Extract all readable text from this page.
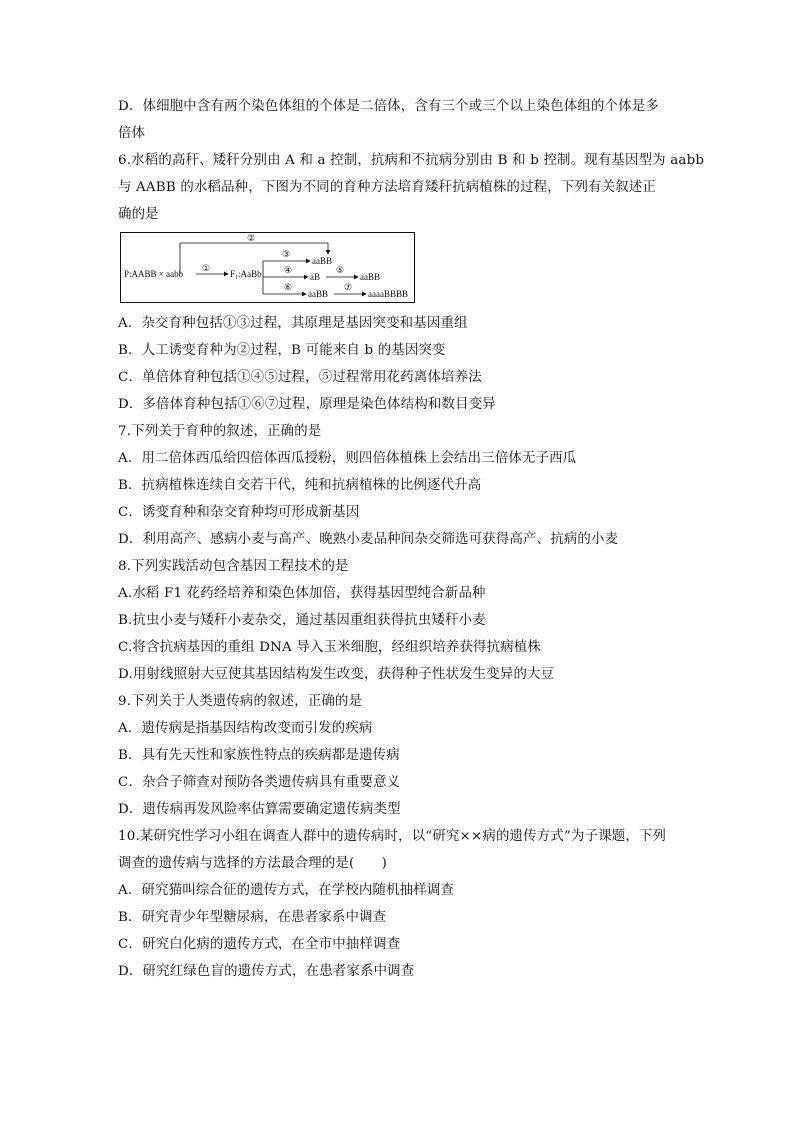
D．体细胞中含有两个染色体组的个体是二倍体，含有三个或三个以上染色体组的个体是多
倍体
6.水稻的高秆、矮秆分别由 A 和 a 控制，抗病和不抗病分别由 B 和 b 控制。现有基因型为 aabb
与 AABB 的水稻品种，下图为不同的育种方法培育矮秆抗病植株的过程，下列有关叙述正
确的是
②
P:AABB × aabb ① F₁:AaBb
③
aaBB
④
aB
⑤
aaBB
⑥
aaBB
⑦
aaaaBBBB
A．杂交育种包括①③过程，其原理是基因突变和基因重组
B．人工诱变育种为②过程，B 可能来自 b 的基因突变
C．单倍体育种包括①④⑤过程，⑤过程常用花药离体培养法
D．多倍体育种包括①⑥⑦过程，原理是染色体结构和数目变异
7.下列关于育种的叙述，正确的是
A．用二倍体西瓜给四倍体西瓜授粉，则四倍体植株上会结出三倍体无子西瓜
B．抗病植株连续自交若干代，纯和抗病植株的比例逐代升高
C．诱变育种和杂交育种均可形成新基因
D．利用高产、感病小麦与高产、晚熟小麦品种间杂交筛选可获得高产、抗病的小麦
8.下列实践活动包含基因工程技术的是
A.水稻 F1 花药经培养和染色体加倍，获得基因型纯合新品种
B.抗虫小麦与矮秆小麦杂交，通过基因重组获得抗虫矮秆小麦
C.将含抗病基因的重组 DNA 导入玉米细胞，经组织培养获得抗病植株
D.用射线照射大豆使其基因结构发生改变，获得种子性状发生变异的大豆
9.下列关于人类遗传病的叙述，正确的是
A．遗传病是指基因结构改变而引发的疾病
B．具有先天性和家族性特点的疾病都是遗传病
C．杂合子筛查对预防各类遗传病具有重要意义
D．遗传病再发风险率估算需要确定遗传病类型
10.某研究性学习小组在调查人群中的遗传病时，以“研究××病的遗传方式”为子课题，下列
调查的遗传病与选择的方法最合理的是(　　)
A．研究猫叫综合征的遗传方式，在学校内随机抽样调查
B．研究青少年型糖尿病，在患者家系中调查
C．研究白化病的遗传方式，在全市中抽样调查
D．研究红绿色盲的遗传方式，在患者家系中调查
